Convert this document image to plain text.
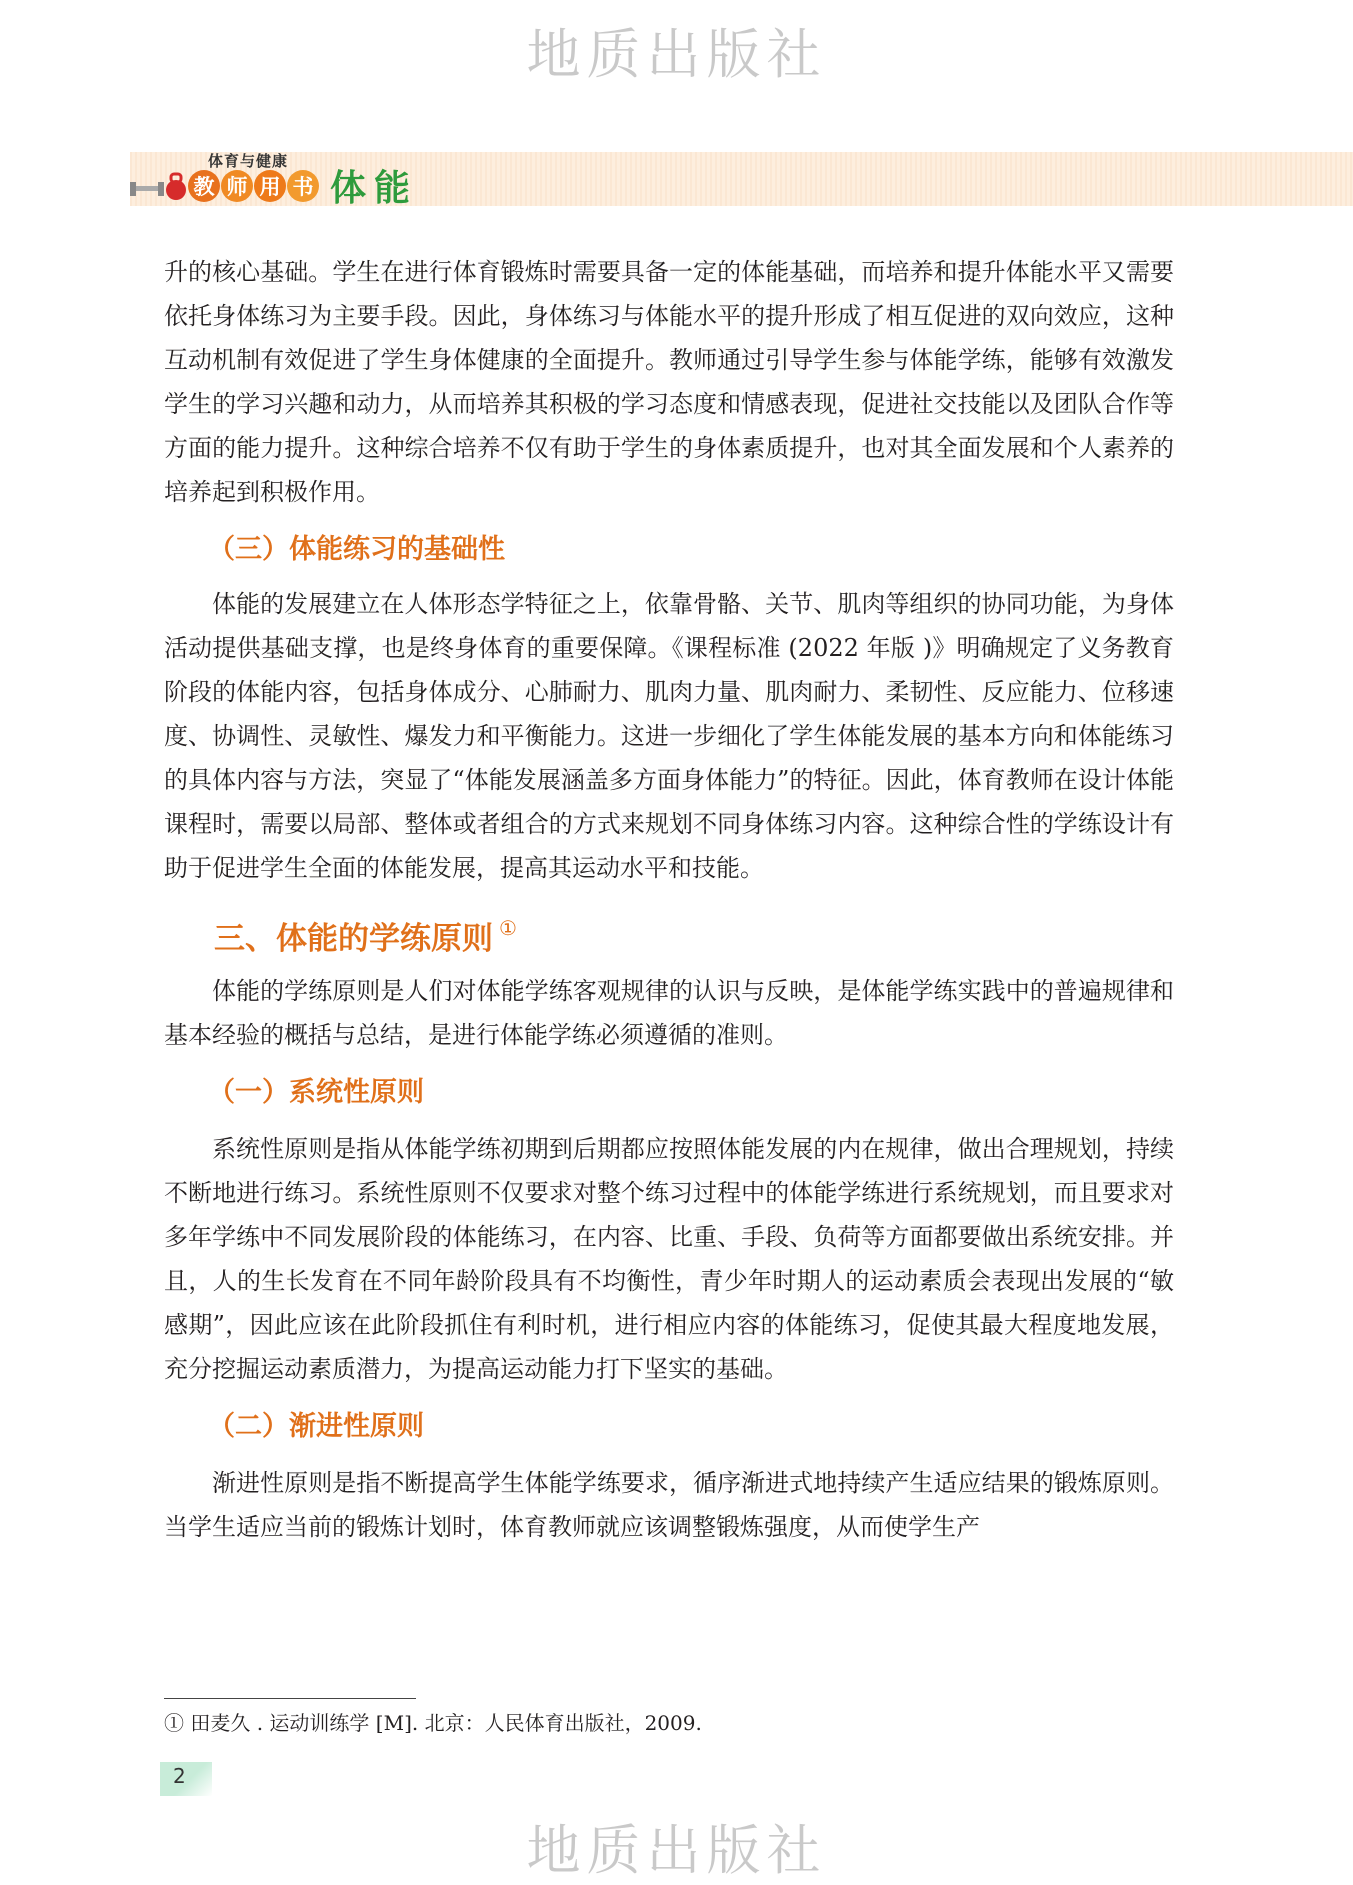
地质出版社
体育与健康
教 师 用 书 体能

升的核心基础。学生在进行体育锻炼时需要具备一定的体能基础，而培养和提升体能水平又需要依托身体练习为主要手段。因此，身体练习与体能水平的提升形成了相互促进的双向效应，这种互动机制有效促进了学生身体健康的全面提升。教师通过引导学生参与体能学练，能够有效激发学生的学习兴趣和动力，从而培养其积极的学习态度和情感表现，促进社交技能以及团队合作等方面的能力提升。这种综合培养不仅有助于学生的身体素质提升，也对其全面发展和个人素养的培养起到积极作用。

（三）体能练习的基础性

体能的发展建立在人体形态学特征之上，依靠骨骼、关节、肌肉等组织的协同功能，为身体活动提供基础支撑，也是终身体育的重要保障。《课程标准 (2022 年版 )》明确规定了义务教育阶段的体能内容，包括身体成分、心肺耐力、肌肉力量、肌肉耐力、柔韧性、反应能力、位移速度、协调性、灵敏性、爆发力和平衡能力。这进一步细化了学生体能发展的基本方向和体能练习的具体内容与方法，突显了“体能发展涵盖多方面身体能力”的特征。因此，体育教师在设计体能课程时，需要以局部、整体或者组合的方式来规划不同身体练习内容。这种综合性的学练设计有助于促进学生全面的体能发展，提高其运动水平和技能。

三、体能的学练原则 ①

体能的学练原则是人们对体能学练客观规律的认识与反映，是体能学练实践中的普遍规律和基本经验的概括与总结，是进行体能学练必须遵循的准则。

（一）系统性原则

系统性原则是指从体能学练初期到后期都应按照体能发展的内在规律，做出合理规划，持续不断地进行练习。系统性原则不仅要求对整个练习过程中的体能学练进行系统规划，而且要求对多年学练中不同发展阶段的体能练习，在内容、比重、手段、负荷等方面都要做出系统安排。并且，人的生长发育在不同年龄阶段具有不均衡性，青少年时期人的运动素质会表现出发展的“敏感期”，因此应该在此阶段抓住有利时机，进行相应内容的体能练习，促使其最大程度地发展，充分挖掘运动素质潜力，为提高运动能力打下坚实的基础。

（二）渐进性原则

渐进性原则是指不断提高学生体能学练要求，循序渐进式地持续产生适应结果的锻炼原则。当学生适应当前的锻炼计划时，体育教师就应该调整锻炼强度，从而使学生产

① 田麦久 . 运动训练学 [M]. 北京：人民体育出版社，2009.
2
地质出版社
